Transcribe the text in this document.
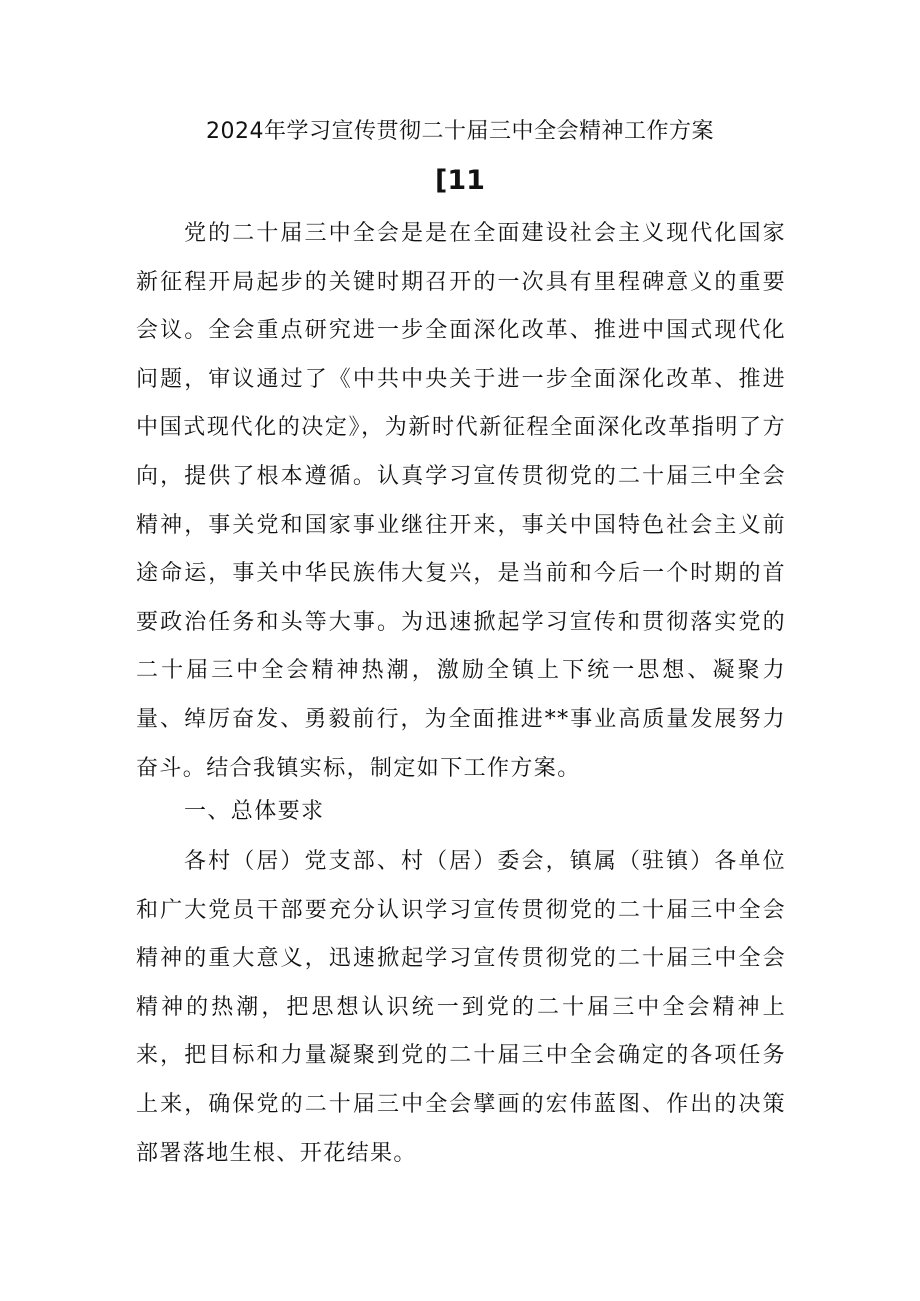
2024年学习宣传贯彻二十届三中全会精神工作方案
[11

党的二十届三中全会是是在全面建设社会主义现代化国家新征程开局起步的关键时期召开的一次具有里程碑意义的重要会议。全会重点研究进一步全面深化改革、推进中国式现代化问题，审议通过了《中共中央关于进一步全面深化改革、推进中国式现代化的决定》，为新时代新征程全面深化改革指明了方向，提供了根本遵循。认真学习宣传贯彻党的二十届三中全会精神，事关党和国家事业继往开来，事关中国特色社会主义前途命运，事关中华民族伟大复兴，是当前和今后一个时期的首要政治任务和头等大事。为迅速掀起学习宣传和贯彻落实党的二十届三中全会精神热潮，激励全镇上下统一思想、凝聚力量、绰厉奋发、勇毅前行，为全面推进**事业高质量发展努力奋斗。结合我镇实标，制定如下工作方案。

一、总体要求

各村（居）党支部、村（居）委会，镇属（驻镇）各单位和广大党员干部要充分认识学习宣传贯彻党的二十届三中全会精神的重大意义，迅速掀起学习宣传贯彻党的二十届三中全会精神的热潮，把思想认识统一到党的二十届三中全会精神上来，把目标和力量凝聚到党的二十届三中全会确定的各项任务上来，确保党的二十届三中全会擘画的宏伟蓝图、作出的决策部署落地生根、开花结果。
